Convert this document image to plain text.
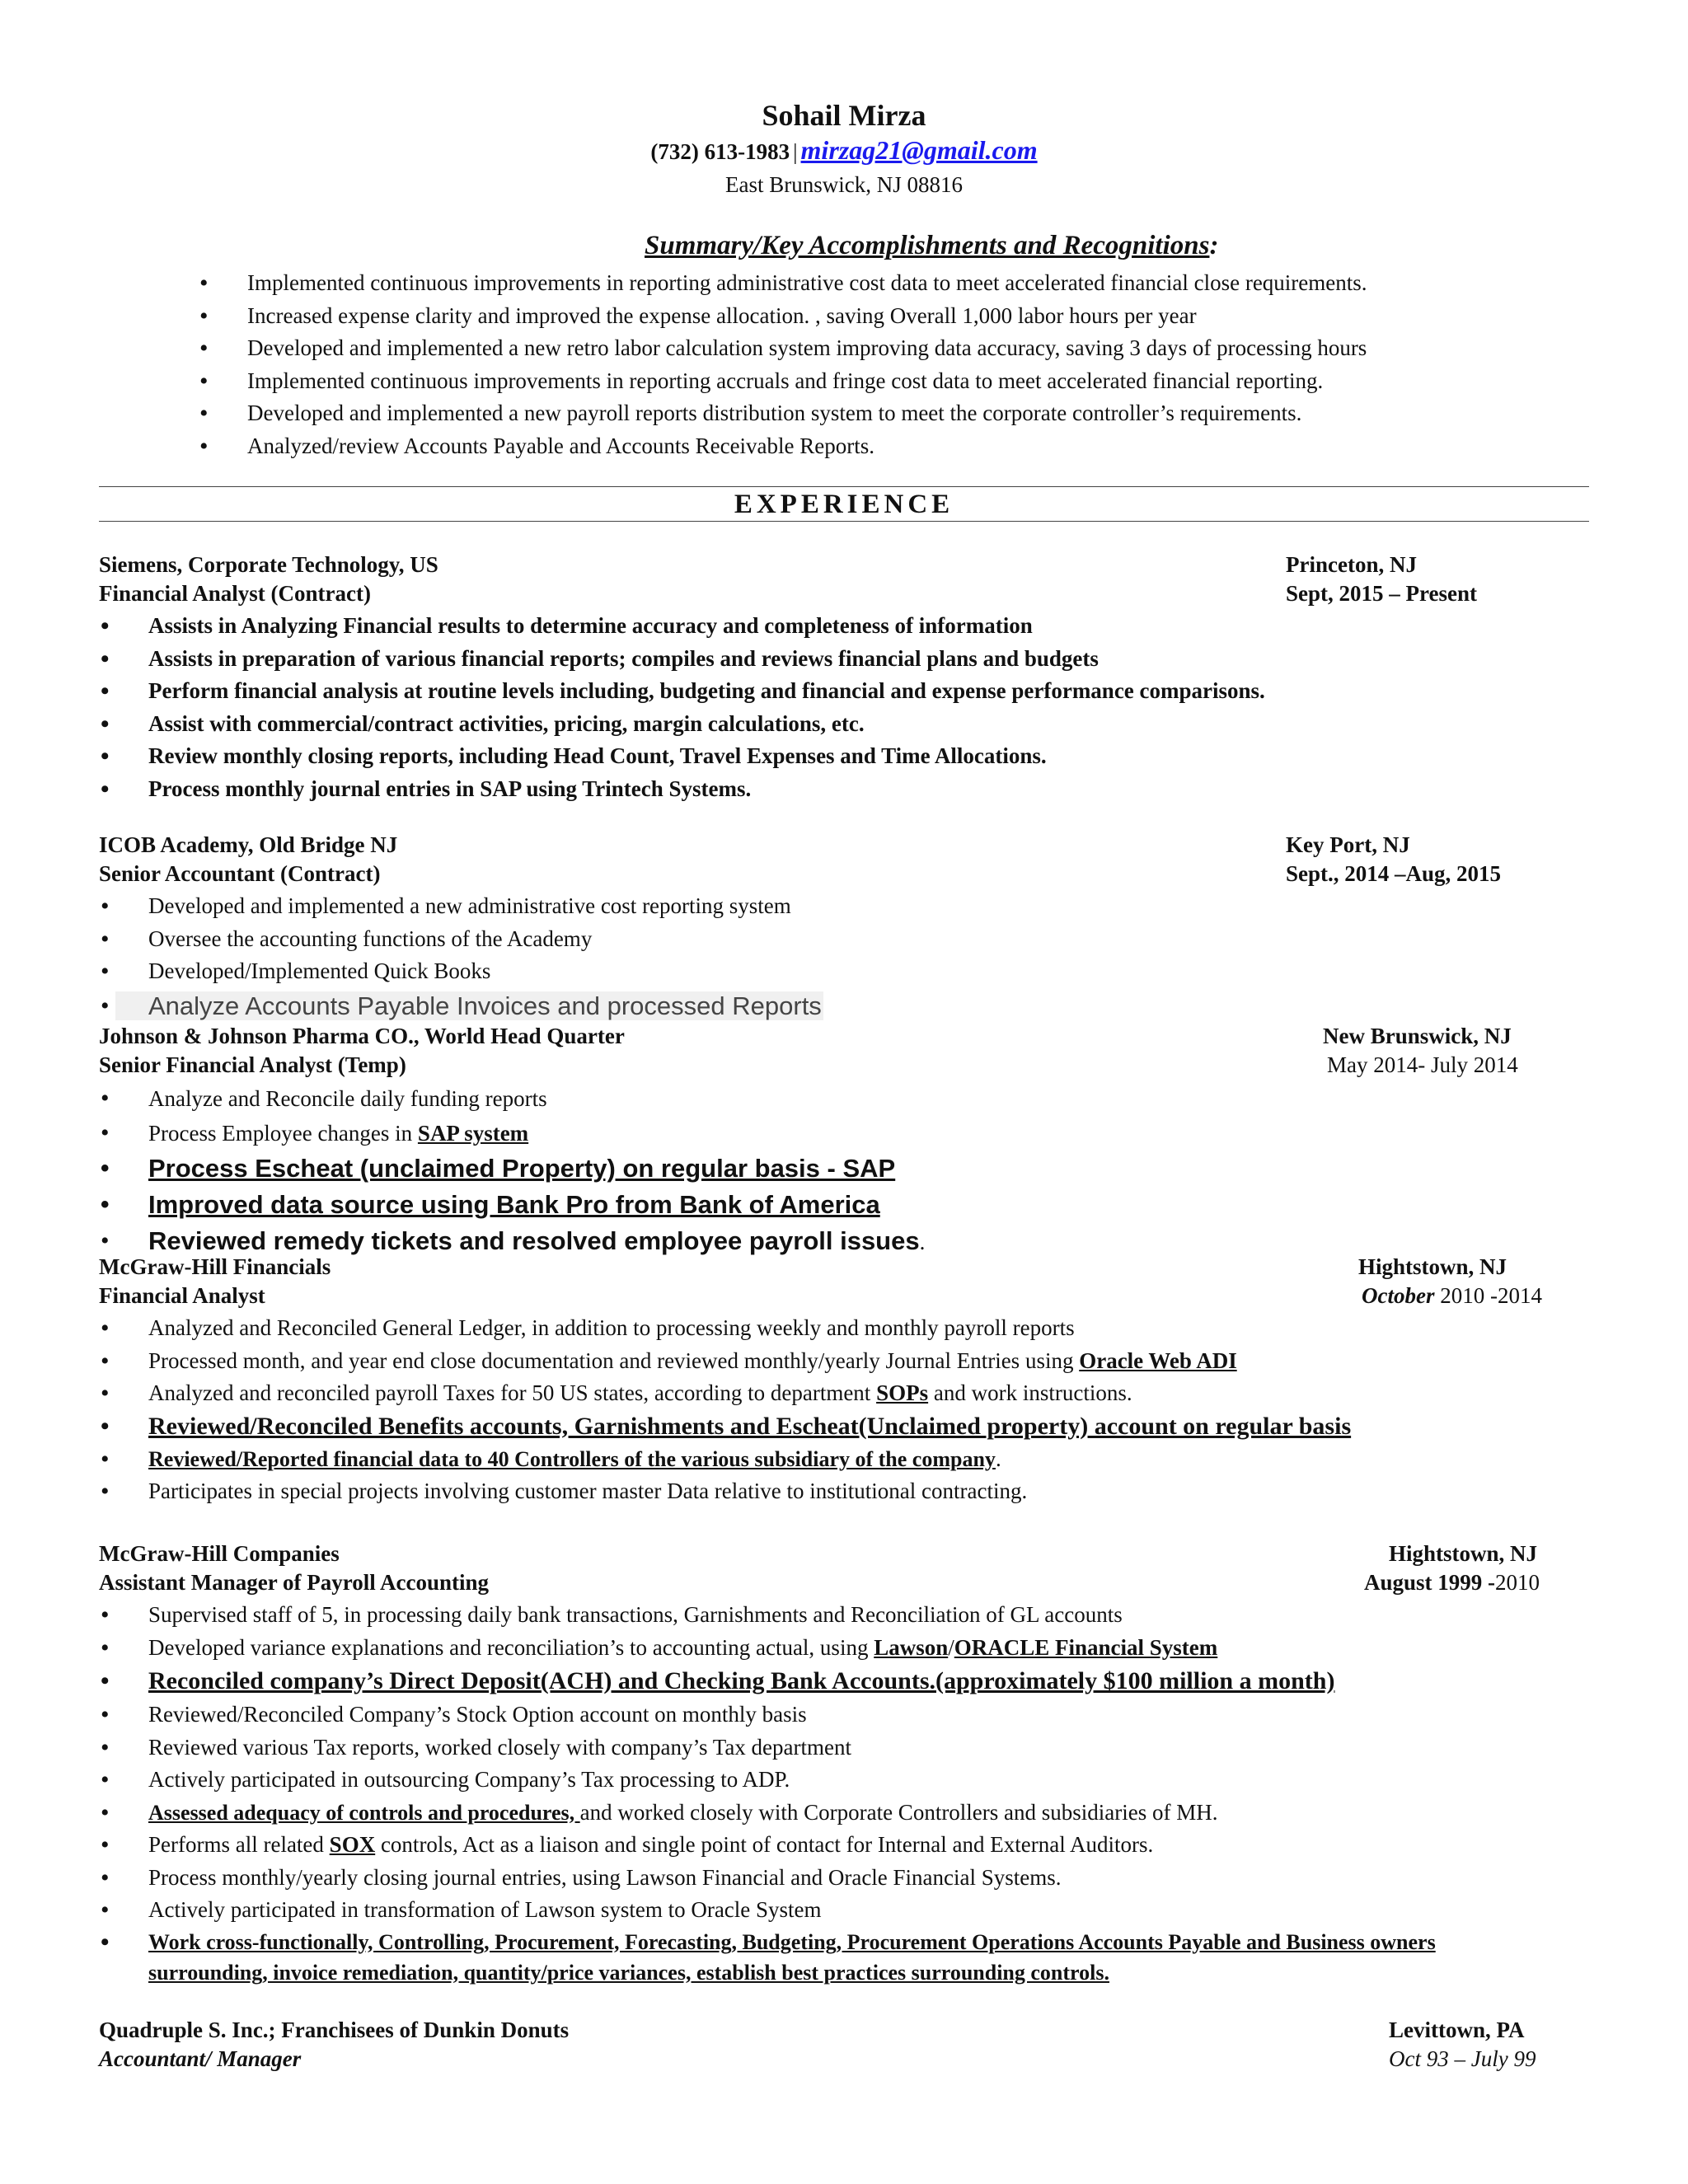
Sohail Mirza
(732) 613-1983 | mirzag21@gmail.com
East Brunswick, NJ 08816
Summary/Key Accomplishments and Recognitions:
• Implemented continuous improvements in reporting administrative cost data to meet accelerated financial close requirements.
• Increased expense clarity and improved the expense allocation. , saving Overall 1,000 labor hours per year
• Developed and implemented a new retro labor calculation system improving data accuracy, saving 3 days of processing hours
• Implemented continuous improvements in reporting accruals and fringe cost data to meet accelerated financial reporting.
• Developed and implemented a new payroll reports distribution system to meet the corporate controller’s requirements.
• Analyzed/review Accounts Payable and Accounts Receivable Reports.
EXPERIENCE
Siemens, Corporate Technology, US	Princeton, NJ
Financial Analyst (Contract)	Sept, 2015 – Present
• Assists in Analyzing Financial results to determine accuracy and completeness of information
• Assists in preparation of various financial reports; compiles and reviews financial plans and budgets
• Perform financial analysis at routine levels including, budgeting and financial and expense performance comparisons.
• Assist with commercial/contract activities, pricing, margin calculations, etc.
• Review monthly closing reports, including Head Count, Travel Expenses and Time Allocations.
• Process monthly journal entries in SAP using Trintech Systems.
ICOB Academy, Old Bridge NJ	Key Port, NJ
Senior Accountant (Contract)	Sept., 2014 –Aug, 2015
• Developed and implemented a new administrative cost reporting system
• Oversee the accounting functions of the Academy
• Developed/Implemented Quick Books
• Analyze Accounts Payable Invoices and processed Reports
Johnson & Johnson Pharma CO., World Head Quarter	New Brunswick, NJ
Senior Financial Analyst (Temp)	May 2014- July 2014
• Analyze and Reconcile daily funding reports
• Process Employee changes in SAP system
• Process Escheat (unclaimed Property) on regular basis - SAP
• Improved data source using Bank Pro from Bank of America
• Reviewed remedy tickets and resolved employee payroll issues.
McGraw-Hill Financials	Hightstown, NJ
Financial Analyst	October 2010 -2014
• Analyzed and Reconciled General Ledger, in addition to processing weekly and monthly payroll reports
• Processed month, and year end close documentation and reviewed monthly/yearly Journal Entries using Oracle Web ADI
• Analyzed and reconciled payroll Taxes for 50 US states, according to department SOPs and work instructions.
• Reviewed/Reconciled Benefits accounts, Garnishments and Escheat(Unclaimed property) account on regular basis
• Reviewed/Reported financial data to 40 Controllers of the various subsidiary of the company.
• Participates in special projects involving customer master Data relative to institutional contracting.
McGraw-Hill Companies	Hightstown, NJ
Assistant Manager of Payroll Accounting	August 1999 -2010
• Supervised staff of 5, in processing daily bank transactions, Garnishments and Reconciliation of GL accounts
• Developed variance explanations and reconciliation’s to accounting actual, using Lawson/ORACLE Financial System
• Reconciled company’s Direct Deposit(ACH) and Checking Bank Accounts.(approximately $100 million a month)
• Reviewed/Reconciled Company’s Stock Option account on monthly basis
• Reviewed various Tax reports, worked closely with company’s Tax department
• Actively participated in outsourcing Company’s Tax processing to ADP.
• Assessed adequacy of controls and procedures, and worked closely with Corporate Controllers and subsidiaries of MH.
• Performs all related SOX controls, Act as a liaison and single point of contact for Internal and External Auditors.
• Process monthly/yearly closing journal entries, using Lawson Financial and Oracle Financial Systems.
• Actively participated in transformation of Lawson system to Oracle System
• Work cross-functionally, Controlling, Procurement, Forecasting, Budgeting, Procurement Operations Accounts Payable and Business owners surrounding, invoice remediation, quantity/price variances, establish best practices surrounding controls.
Quadruple S. Inc.; Franchisees of Dunkin Donuts	Levittown, PA
Accountant/ Manager	Oct 93 – July 99
